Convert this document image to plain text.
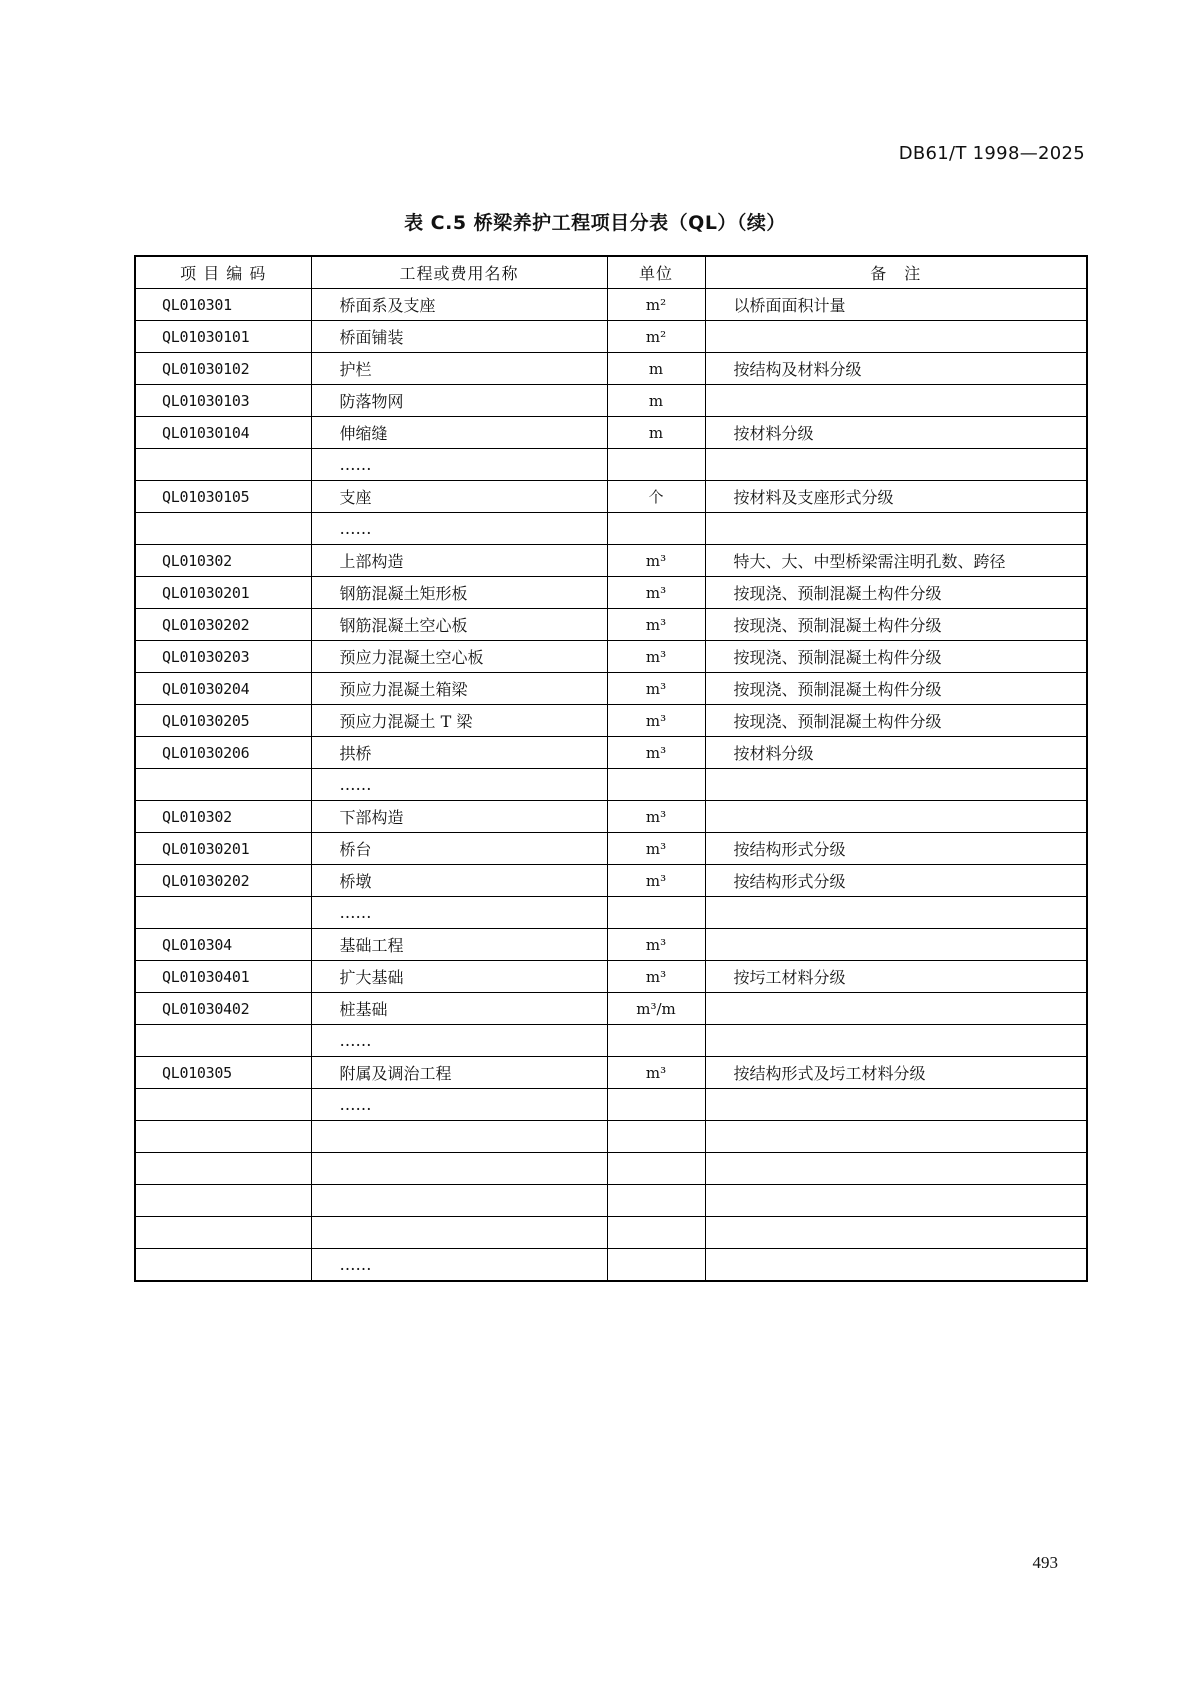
DB61/T 1998—2025
表 C.5 桥梁养护工程项目分表（QL）（续）
项 目 编 码	工程或费用名称	单位	备　注
QL010301	桥面系及支座	m²	以桥面面积计量
QL01030101	桥面铺装	m²	
QL01030102	护栏	m	按结构及材料分级
QL01030103	防落物网	m	
QL01030104	伸缩缝	m	按材料分级
	……		
QL01030105	支座	个	按材料及支座形式分级
	……		
QL010302	上部构造	m³	特大、大、中型桥梁需注明孔数、跨径
QL01030201	钢筋混凝土矩形板	m³	按现浇、预制混凝土构件分级
QL01030202	钢筋混凝土空心板	m³	按现浇、预制混凝土构件分级
QL01030203	预应力混凝土空心板	m³	按现浇、预制混凝土构件分级
QL01030204	预应力混凝土箱梁	m³	按现浇、预制混凝土构件分级
QL01030205	预应力混凝土 T 梁	m³	按现浇、预制混凝土构件分级
QL01030206	拱桥	m³	按材料分级
	……		
QL010302	下部构造	m³	
QL01030201	桥台	m³	按结构形式分级
QL01030202	桥墩	m³	按结构形式分级
	……		
QL010304	基础工程	m³	
QL01030401	扩大基础	m³	按圬工材料分级
QL01030402	桩基础	m³/m	
	……		
QL010305	附属及调治工程	m³	按结构形式及圬工材料分级
	……		

	……		
493
